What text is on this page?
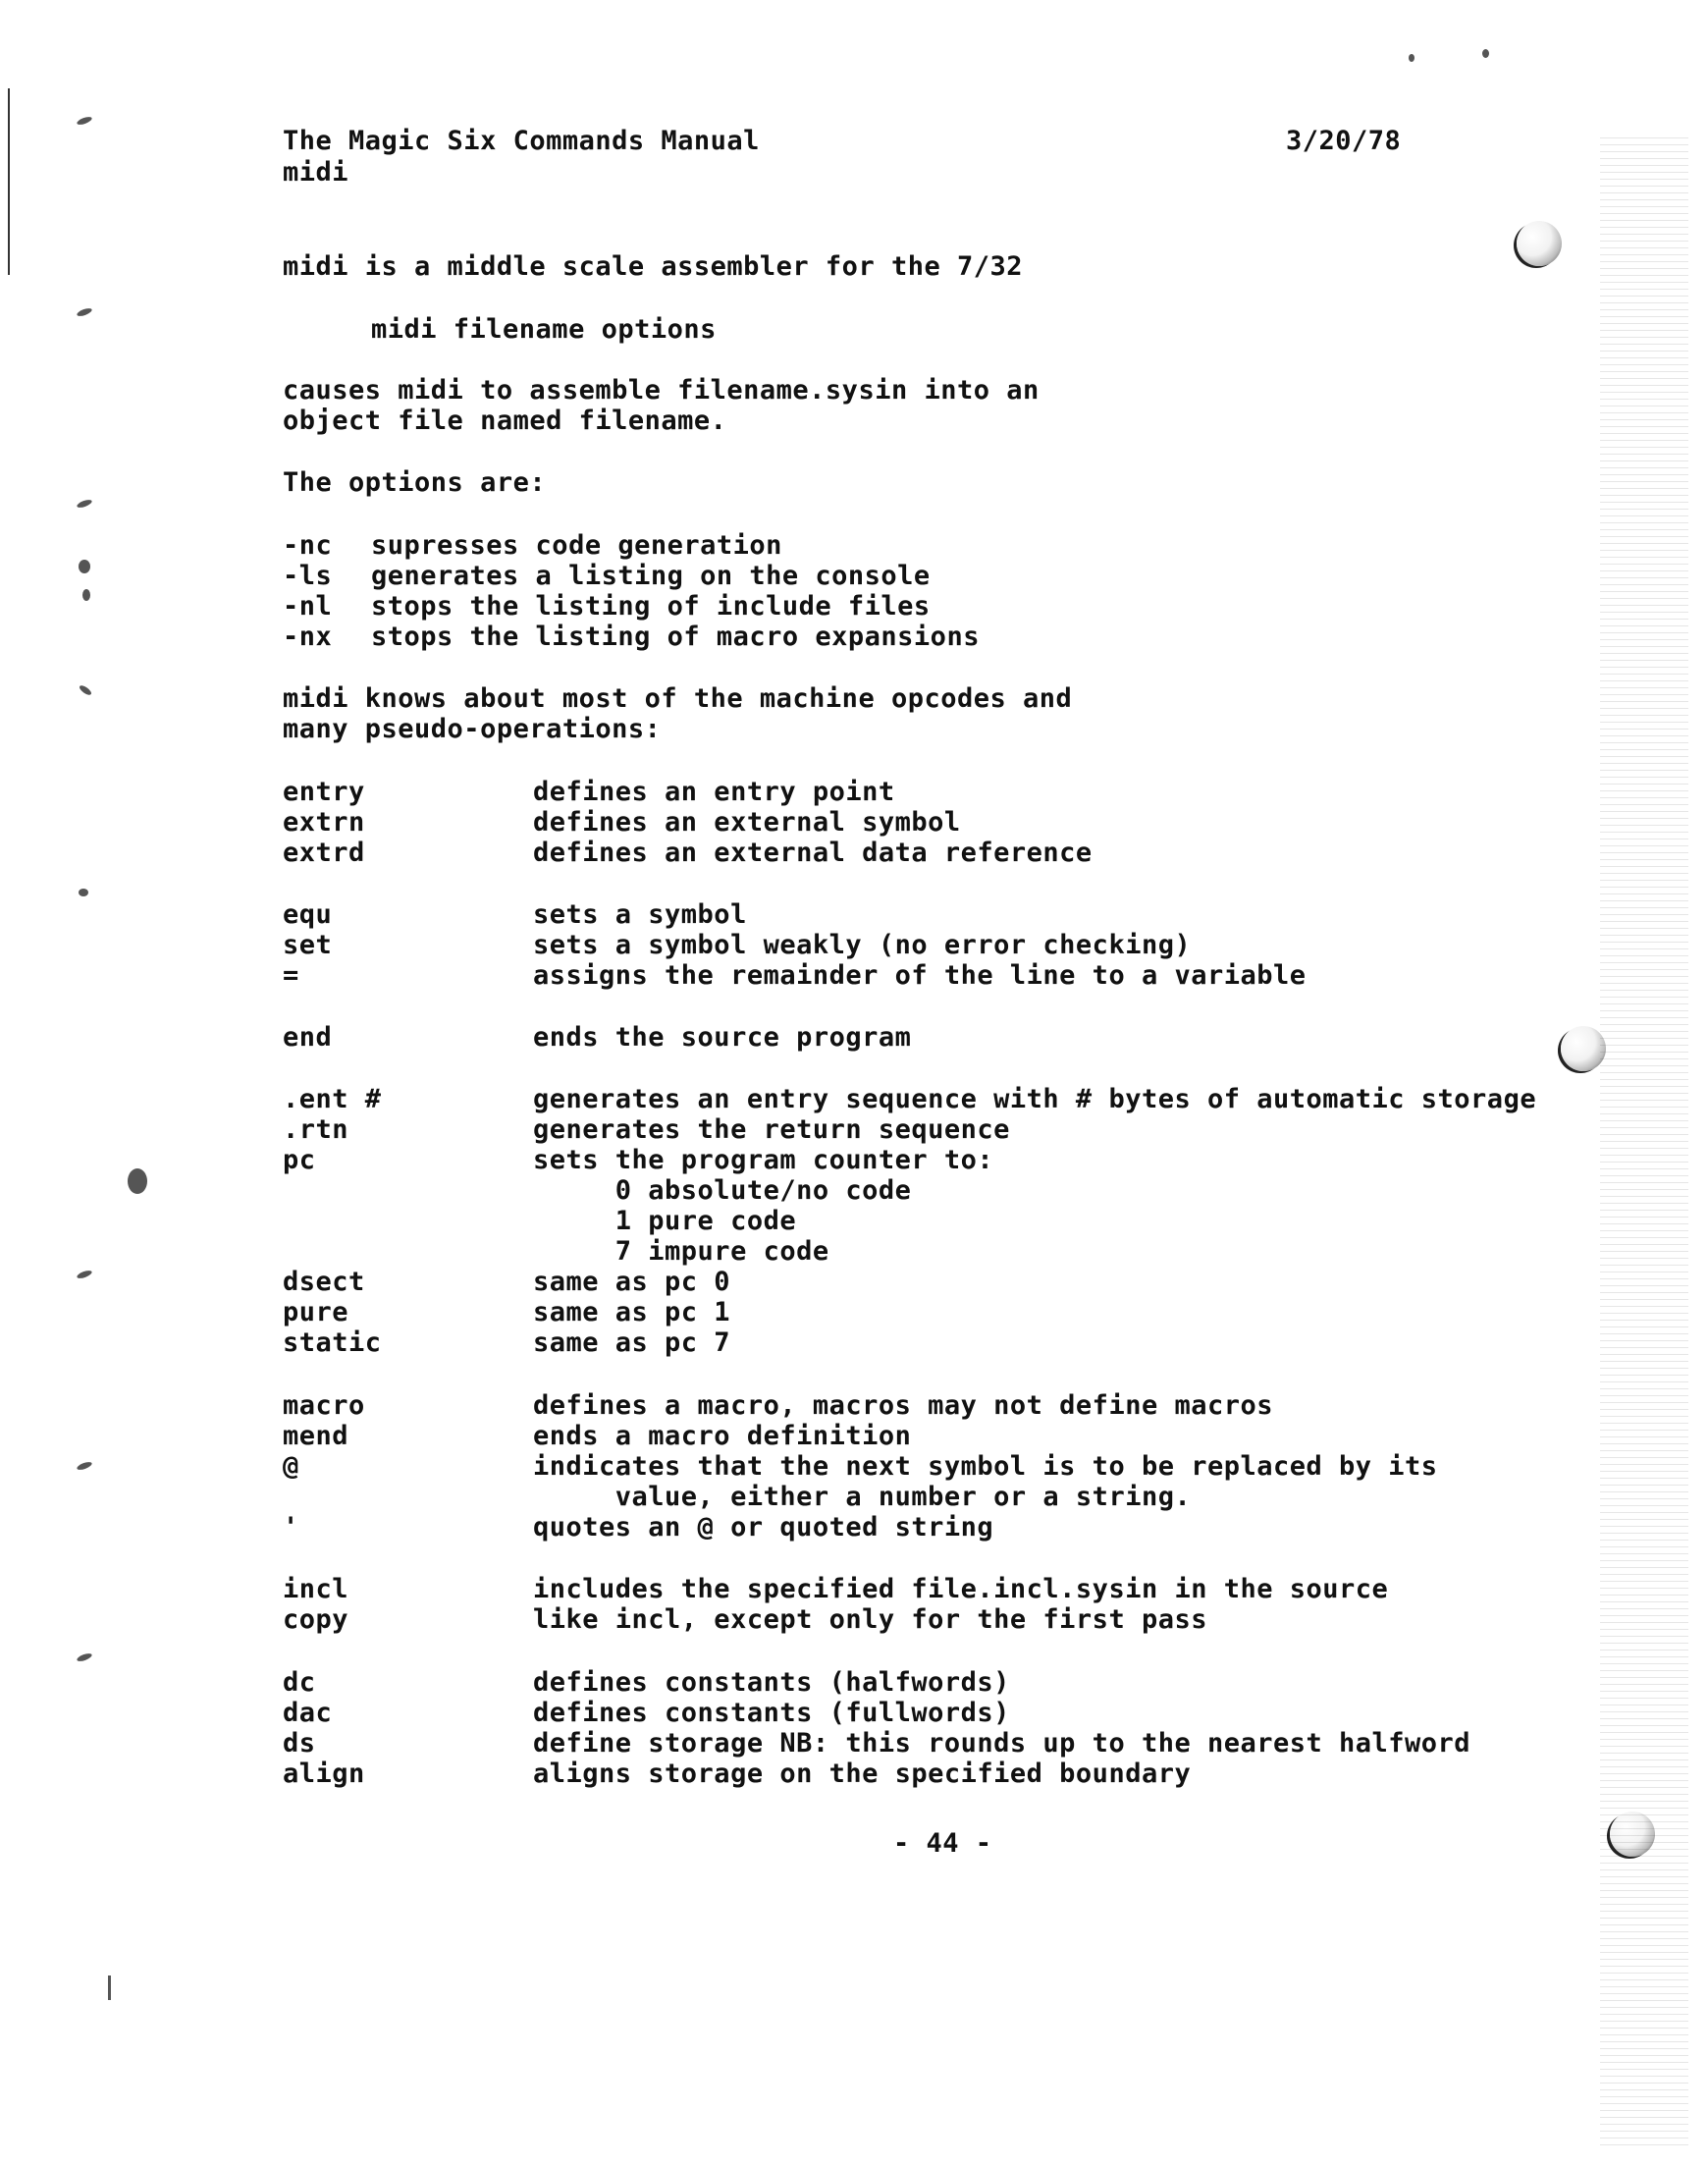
The Magic Six Commands Manual	3/20/78
midi
midi is a middle scale assembler for the 7/32
midi filename options
causes midi to assemble filename.sysin into an
object file named filename.
The options are:
-nc supresses code generation
-ls generates a listing on the console
-nl stops the listing of include files
-nx stops the listing of macro expansions
midi knows about most of the machine opcodes and
many pseudo-operations:
entry	defines an entry point
extrn	defines an external symbol
extrd	defines an external data reference
equ	sets a symbol
set	sets a symbol weakly (no error checking)
=	assigns the remainder of the line to a variable
end	ends the source program
.ent #	generates an entry sequence with # bytes of automatic storage
.rtn	generates the return sequence
pc	sets the program counter to:
0 absolute/no code
1 pure code
7 impure code
dsect	same as pc 0
pure	same as pc 1
static	same as pc 7
macro	defines a macro, macros may not define macros
mend	ends a macro definition
@	indicates that the next symbol is to be replaced by its
value, either a number or a string.
'	quotes an @ or quoted string
incl	includes the specified file.incl.sysin in the source
copy	like incl, except only for the first pass
dc	defines constants (halfwords)
dac	defines constants (fullwords)
ds	define storage NB: this rounds up to the nearest halfword
align	aligns storage on the specified boundary
- 44 -
